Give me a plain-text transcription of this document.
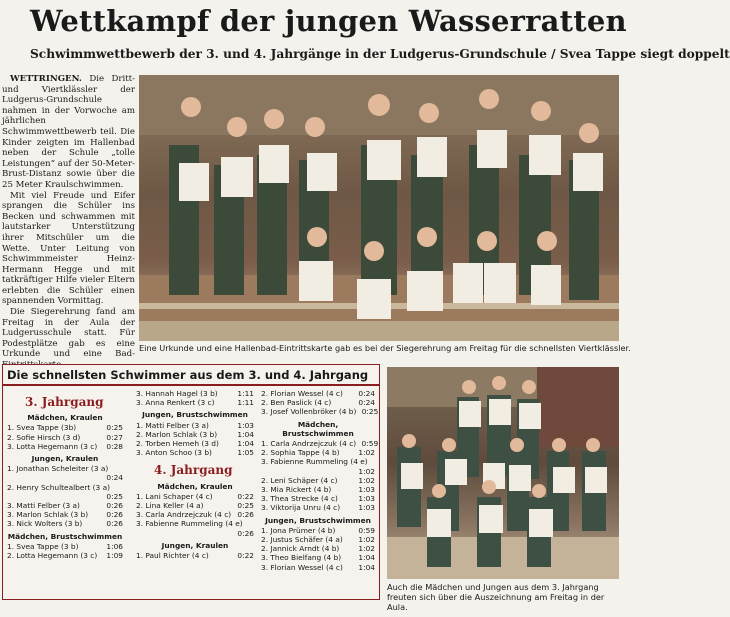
Wettkampf der jungen Wasserratten
Schwimmwettbewerb der 3. und 4. Jahrgänge in der Ludgerus-Grundschule / Svea Tappe siegt doppelt

WETTRINGEN. Die Dritt- und Viertklässler der Ludgerus-Grundschule nahmen in der Vorwoche am jährlichen Schwimmwettbewerb teil. Die Kinder zeigten im Hallenbad neben der Schule „tolle Leistungen“ auf der 50-Meter-Brust-Distanz sowie über die 25 Meter Kraulschwimmen.

Mit viel Freude und Eifer sprangen die Schüler ins Becken und schwammen mit lautstarker Unterstützung ihrer Mitschüler um die Wette. Unter Leitung von Schwimmmeister Heinz-Hermann Hegge und mit tatkräftiger Hilfe vieler Eltern erlebten die Schüler einen spannenden Vormittag.

Die Siegerehrung fand am Freitag in der Aula der Ludgerusschule statt. Für Podestplätze gab es eine Urkunde und eine Bad-

Eine Urkunde und eine Hallenbad-Eintrittskarte gab es bei der Siegerehrung am Freitag für die schnellsten Viertklässler.
Die schnellsten Schwimmer aus dem 3. und 4. Jahrgang
3. Jahrgang
Mädchen, Kraulen
1. Svea Tappe (3b)	0:25
2. Sofie Hirsch (3 d)	0:27
3. Lotta Hegemann (3 c)	0:28
Jungen, Kraulen
1. Jonathan Scheleiter (3 a)
0:24
2. Henry Schultealbert (3 a)
0:25
3. Matti Felber (3 a)	0:26
3. Marlon Schlak (3 b)	0:26
3. Nick Wolters (3 b)	0:26
Mädchen, Brustschwimmen
1. Svea Tappe (3 b)	1:06
2. Lotta Hegemann (3 c)	1:09
3. Hannah Hagel (3 b)	1:11
3. Anna Renkert (3 c)	1:11
Jungen, Brustschwimmen
1. Matti Felber (3 a)	1:03
2. Marlon Schlak (3 b)	1:04
2. Torben Hemeh (3 d)	1:04
3. Anton Schoo (3 b)	1:05
4. Jahrgang
Mädchen, Kraulen
1. Lani Schaper (4 c)	0:22
2. Lina Keller (4 a)	0:25
3. Carla Andrzejczuk (4 c) 0:26
3. Fabienne Rummeling (4 e)
0:26
Jungen, Kraulen
1. Paul Richter (4 c)	0:22
2. Florian Wessel (4 c)	0:24
2. Ben Paslick (4 c)	0:24
3. Josef Vollenbröker (4 b) 0:25
Mädchen, Brustschwimmen
1. Carla Andrzejczuk (4 c) 0:59
2. Sophia Tappe (4 b)	1:02
3. Fabienne Rummeling (4 e)
1:02
2. Leni Schäper (4 c)	1:02
3. Mia Rickert (4 b)	1:03
3. Thea Strecke (4 c)	1:03
3. Viktorija Unru (4 c)	1:03
Jungen, Brustschwimmen
1. Jona Prümer (4 b)	0:59
2. Justus Schäfer (4 a)	1:02
2. Jannick Arndt (4 b)	1:02
3. Theo Bielfang (4 b)	1:04
3. Florian Wessel (4 c)	1:04
Auch die Mädchen und Jungen aus dem 3. Jahrgang freuten sich über die Auszeichnung am Freitag in der Aula.
